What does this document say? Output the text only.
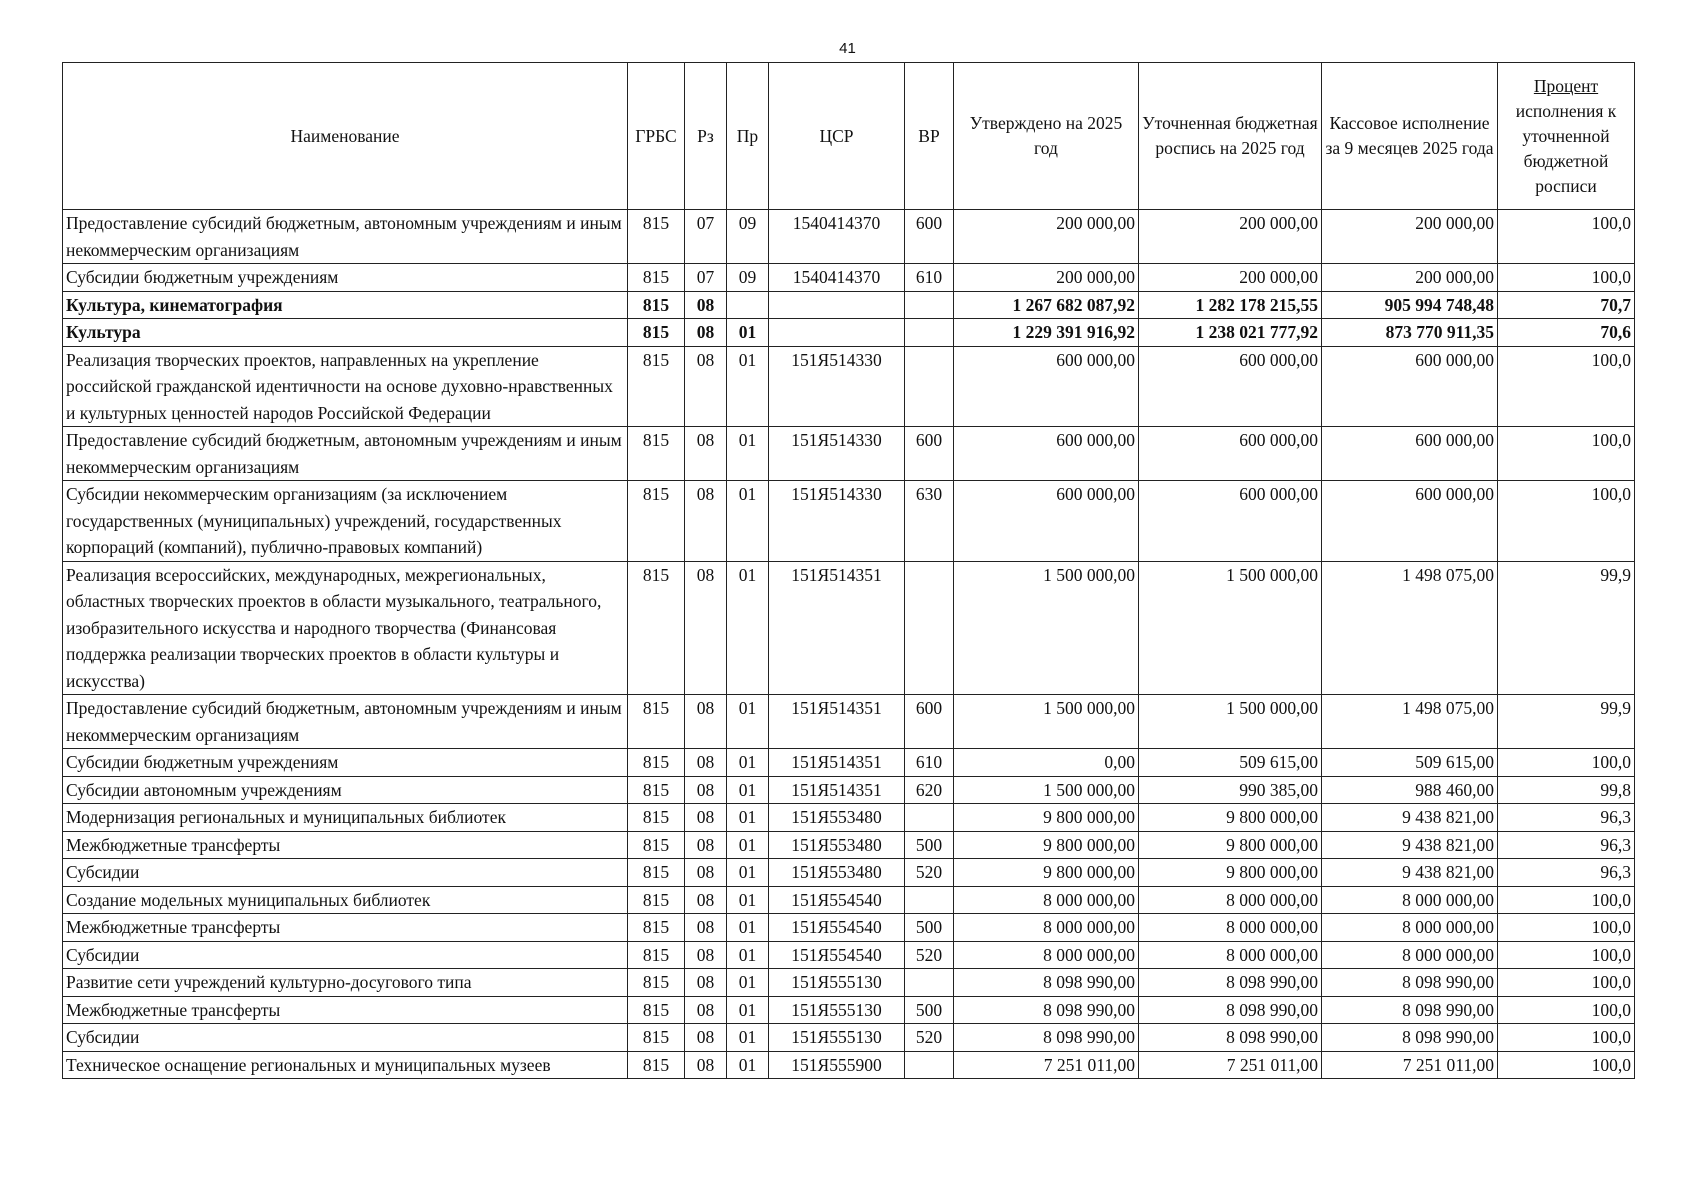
41
Наименование	ГРБС	Рз	Пр	ЦСР	ВР	Утверждено на 2025 год	Уточненная бюджетная роспись на 2025 год	Кассовое исполнение за 9 месяцев 2025 года	Процент
исполнения к уточненной бюджетной росписи
Предоставление субсидий бюджетным, автономным учреждениям и иным некоммерческим организациям	815	07	09	1540414370	600	200 000,00	200 000,00	200 000,00	100,0
Субсидии бюджетным учреждениям	815	07	09	1540414370	610	200 000,00	200 000,00	200 000,00	100,0
Культура, кинематография	815	08				1 267 682 087,92	1 282 178 215,55	905 994 748,48	70,7
Культура	815	08	01			1 229 391 916,92	1 238 021 777,92	873 770 911,35	70,6
Реализация творческих проектов, направленных на укрепление российской гражданской идентичности на основе духовно-нравственных и культурных ценностей народов Российской Федерации	815	08	01	151Я514330		600 000,00	600 000,00	600 000,00	100,0
Предоставление субсидий бюджетным, автономным учреждениям и иным некоммерческим организациям	815	08	01	151Я514330	600	600 000,00	600 000,00	600 000,00	100,0
Субсидии некоммерческим организациям (за исключением государственных (муниципальных) учреждений, государственных корпораций (компаний), публично-правовых компаний)	815	08	01	151Я514330	630	600 000,00	600 000,00	600 000,00	100,0
Реализация всероссийских, международных, межрегиональных, областных творческих проектов в области музыкального, театрального, изобразительного искусства и народного творчества (Финансовая поддержка реализации творческих проектов в области культуры и искусства)	815	08	01	151Я514351		1 500 000,00	1 500 000,00	1 498 075,00	99,9
Предоставление субсидий бюджетным, автономным учреждениям и иным некоммерческим организациям	815	08	01	151Я514351	600	1 500 000,00	1 500 000,00	1 498 075,00	99,9
Субсидии бюджетным учреждениям	815	08	01	151Я514351	610	0,00	509 615,00	509 615,00	100,0
Субсидии автономным учреждениям	815	08	01	151Я514351	620	1 500 000,00	990 385,00	988 460,00	99,8
Модернизация региональных и муниципальных библиотек	815	08	01	151Я553480		9 800 000,00	9 800 000,00	9 438 821,00	96,3
Межбюджетные трансферты	815	08	01	151Я553480	500	9 800 000,00	9 800 000,00	9 438 821,00	96,3
Субсидии	815	08	01	151Я553480	520	9 800 000,00	9 800 000,00	9 438 821,00	96,3
Создание модельных муниципальных библиотек	815	08	01	151Я554540		8 000 000,00	8 000 000,00	8 000 000,00	100,0
Межбюджетные трансферты	815	08	01	151Я554540	500	8 000 000,00	8 000 000,00	8 000 000,00	100,0
Субсидии	815	08	01	151Я554540	520	8 000 000,00	8 000 000,00	8 000 000,00	100,0
Развитие сети учреждений культурно-досугового типа	815	08	01	151Я555130		8 098 990,00	8 098 990,00	8 098 990,00	100,0
Межбюджетные трансферты	815	08	01	151Я555130	500	8 098 990,00	8 098 990,00	8 098 990,00	100,0
Субсидии	815	08	01	151Я555130	520	8 098 990,00	8 098 990,00	8 098 990,00	100,0
Техническое оснащение региональных и муниципальных музеев	815	08	01	151Я555900		7 251 011,00	7 251 011,00	7 251 011,00	100,0
